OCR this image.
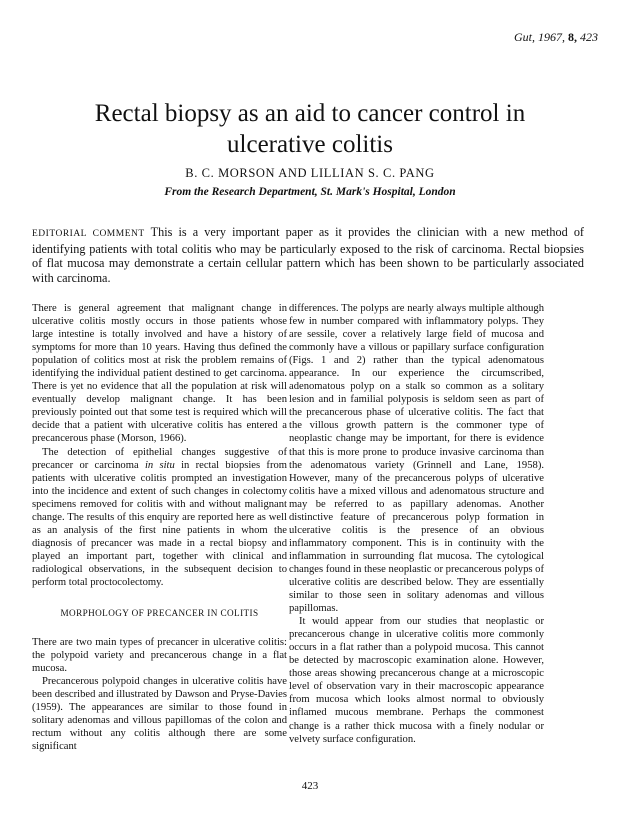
Gut, 1967, 8, 423
Rectal biopsy as an aid to cancer control in ulcerative colitis
B. C. MORSON AND LILLIAN S. C. PANG
From the Research Department, St. Mark's Hospital, London
EDITORIAL COMMENT This is a very important paper as it provides the clinician with a new method of identifying patients with total colitis who may be particularly exposed to the risk of carcinoma. Rectal biopsies of flat mucosa may demonstrate a certain cellular pattern which has been shown to be particularly associated with carcinoma.

There is general agreement that malignant change in ulcerative colitis mostly occurs in those patients whose large intestine is totally involved and have a history of symptoms for more than 10 years. Having thus defined the population of colitics most at risk the problem remains of identifying the individual patient destined to get carcinoma. There is yet no evidence that all the population at risk will eventually develop malignant change. It has been previously pointed out that some test is required which will decide that a patient with ulcerative colitis has entered a precancerous phase (Morson, 1966).

The detection of epithelial changes suggestive of precancer or carcinoma in situ in rectal biopsies from patients with ulcerative colitis prompted an investigation into the incidence and extent of such changes in colectomy specimens removed for colitis with and without malignant change. The results of this enquiry are reported here as well as an analysis of the first nine patients in whom the diagnosis of precancer was made in a rectal biopsy and played an important part, together with clinical and radiological observations, in the subsequent decision to perform total proctocolectomy.

MORPHOLOGY OF PRECANCER IN COLITIS

There are two main types of precancer in ulcerative colitis: the polypoid variety and precancerous change in a flat mucosa.

Precancerous polypoid changes in ulcerative colitis have been described and illustrated by Dawson and Pryse-Davies (1959). The appearances are similar to those found in solitary adenomas and villous papillomas of the colon and rectum without any colitis although there are some significant

differences. The polyps are nearly always multiple although few in number compared with inflammatory polyps. They are sessile, cover a relatively large field of mucosa and commonly have a villous or papillary surface configuration (Figs. 1 and 2) rather than the typical adenomatous appearance. In our experience the circumscribed, adenomatous polyp on a stalk so common as a solitary lesion and in familial polyposis is seldom seen as part of the precancerous phase of ulcerative colitis. The fact that the villous growth pattern is the commoner type of neoplastic change may be important, for there is evidence that this is more prone to produce invasive carcinoma than the adenomatous variety (Grinnell and Lane, 1958). However, many of the precancerous polyps of ulcerative colitis have a mixed villous and adenomatous structure and may be referred to as papillary adenomas. Another distinctive feature of precancerous polyp formation in ulcerative colitis is the presence of an obvious inflammatory component. This is in continuity with the inflammation in surrounding flat mucosa. The cytological changes found in these neoplastic or precancerous polyps of ulcerative colitis are described below. They are essentially similar to those seen in solitary adenomas and villous papillomas.

It would appear from our studies that neoplastic or precancerous change in ulcerative colitis more commonly occurs in a flat rather than a polypoid mucosa. This cannot be detected by macroscopic examination alone. However, those areas showing precancerous change at a microscopic level of observation vary in their macroscopic appearance from mucosa which looks almost normal to obviously inflamed mucous membrane. Perhaps the commonest change is a rather thick mucosa with a finely nodular or velvety surface configuration.

423
